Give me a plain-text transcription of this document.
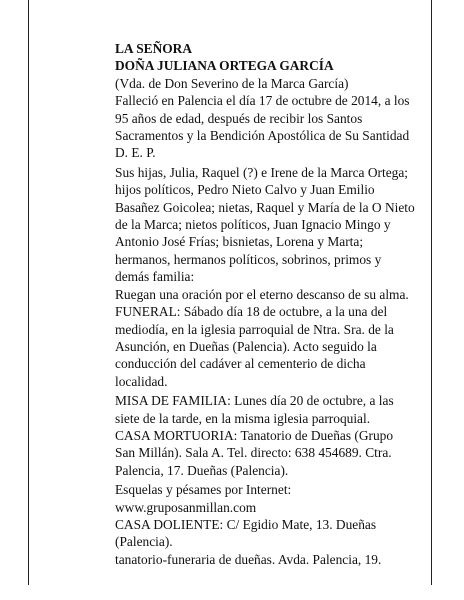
LA SEÑORA
DOÑA JULIANA ORTEGA GARCÍA
(Vda. de Don Severino de la Marca García)
Falleció en Palencia el día 17 de octubre de 2014, a los
95 años de edad, después de recibir los Santos
Sacramentos y la Bendición Apostólica de Su Santidad
D. E. P.
Sus hijas, Julia, Raquel (?) e Irene de la Marca Ortega;
hijos políticos, Pedro Nieto Calvo y Juan Emilio
Basañez Goicolea; nietas, Raquel y María de la O Nieto
de la Marca; nietos políticos, Juan Ignacio Mingo y
Antonio José Frías; bisnietas, Lorena y Marta;
hermanos, hermanos políticos, sobrinos, primos y
demás familia:
Ruegan una oración por el eterno descanso de su alma.
FUNERAL: Sábado día 18 de octubre, a la una del
mediodía, en la iglesia parroquial de Ntra. Sra. de la
Asunción, en Dueñas (Palencia). Acto seguido la
conducción del cadáver al cementerio de dicha
localidad.
MISA DE FAMILIA: Lunes día 20 de octubre, a las
siete de la tarde, en la misma iglesia parroquial.
CASA MORTUORIA: Tanatorio de Dueñas (Grupo
San Millán). Sala A. Tel. directo: 638 454689. Ctra.
Palencia, 17. Dueñas (Palencia).
Esquelas y pésames por Internet:
www.gruposanmillan.com
CASA DOLIENTE: C/ Egidio Mate, 13. Dueñas
(Palencia).
tanatorio-funeraria de dueñas. Avda. Palencia, 19.
